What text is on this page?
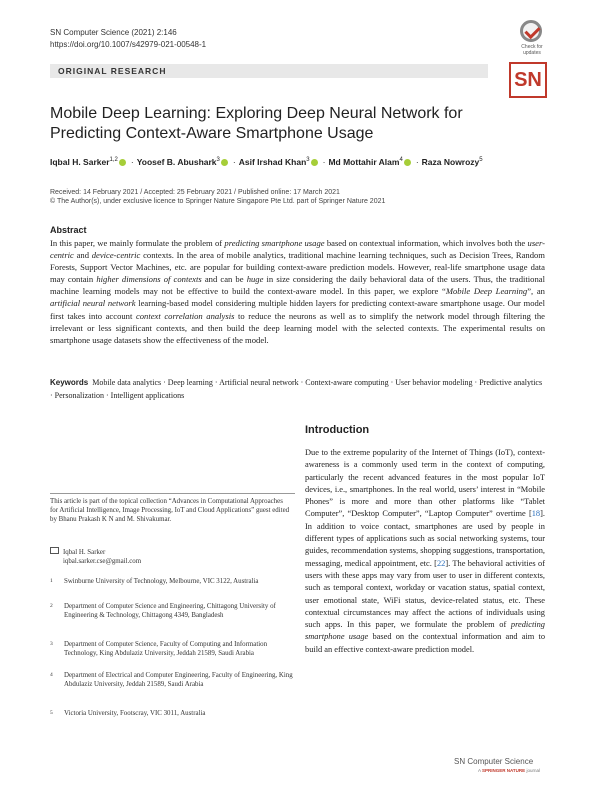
SN Computer Science (2021) 2:146
https://doi.org/10.1007/s42979-021-00548-1	Check for updates
ORIGINAL RESEARCH	SN
Mobile Deep Learning: Exploring Deep Neural Network for Predicting Context-Aware Smartphone Usage
Iqbal H. Sarker$^{1,2}$ · Yoosef B. Abushark$^3$ · Asif Irshad Khan$^3$ · Md Mottahir Alam$^4$ · Raza Nowrozy$^5$
Received: 14 February 2021 / Accepted: 25 February 2021 / Published online: 17 March 2021
© The Author(s), under exclusive licence to Springer Nature Singapore Pte Ltd. part of Springer Nature 2021
Abstract
In this paper, we mainly formulate the problem of predicting smartphone usage based on contextual information, which involves both the user-centric and device-centric contexts. In the area of mobile analytics, traditional machine learning techniques, such as Decision Trees, Random Forests, Support Vector Machines, etc. are popular for building context-aware prediction models. However, real-life smartphone usage data may contain higher dimensions of contexts and can be huge in size considering the daily behavioral data of the users. Thus, the traditional machine learning models may not be effective to build the context-aware model. In this paper, we explore “Mobile Deep Learning”, an artificial neural network learning-based model considering multiple hidden layers for predicting context-aware smartphone usage. Our model first takes into account context correlation analysis to reduce the neurons as well as to simplify the network model through filtering the irrelevant or less significant contexts, and then build the deep learning model with the selected contexts. The experimental results on smartphone usage datasets show the effectiveness of the model.
Keywords Mobile data analytics · Deep learning · Artificial neural network · Context-aware computing · User behavior modeling · Predictive analytics · Personalization · Intelligent applications
Introduction
Due to the extreme popularity of the Internet of Things (IoT), context-awareness is a commonly used term in the context of computing, particularly the recent advanced features in the most popular IoT devices, i.e., smartphones. In the real world, users’ interest in “Mobile Phones” is more and more than other platforms like “Tablet Computer”, “Desktop Computer”, “Laptop Computer” overtime [18]. In addition to voice contact, smartphones are used by people in different types of applications such as social networking systems, tour guides, recommendation systems, shopping suggestions, transportation, messaging, medical appointment, etc. [22]. The behavioral activities of users with these apps may vary from user to user in different contexts, such as temporal context, workday or vacation status, spatial context, user emotional state, WiFi status, device-related status, etc. These contextual circumstances may affect the actions of individuals using such apps. In this paper, we formulate the problem of predicting smartphone usage based on the contextual information and aim to build an effective context-aware prediction model.
This article is part of the topical collection “Advances in Computational Approaches for Artificial Intelligence, Image Processing, IoT and Cloud Applications” guest edited by Bhanu Prakash K N and M. Shivakumar.
Iqbal H. Sarker
iqbal.sarker.cse@gmail.com
1 Swinburne University of Technology, Melbourne, VIC 3122, Australia
2 Department of Computer Science and Engineering, Chittagong University of Engineering & Technology, Chittagong 4349, Bangladesh
3 Department of Computer Science, Faculty of Computing and Information Technology, King Abdulaziz University, Jeddah 21589, Saudi Arabia
4 Department of Electrical and Computer Engineering, Faculty of Engineering, King Abdulaziz University, Jeddah 21589, Saudi Arabia
5 Victoria University, Footscray, VIC 3011, Australia
SN Computer Science
A SPRINGER NATURE journal
